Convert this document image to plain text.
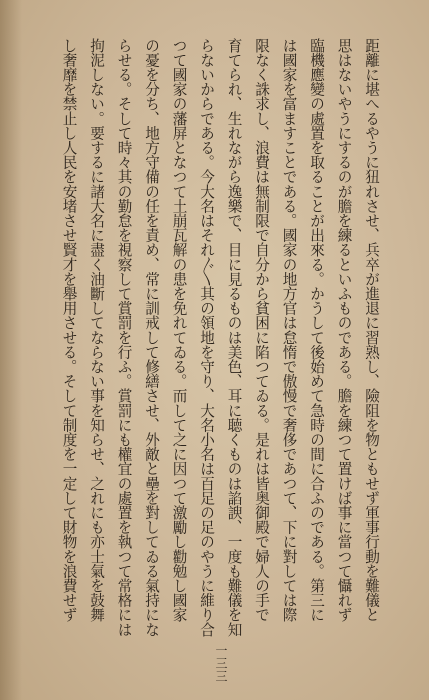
距離に堪へるやうに狃れさせ、兵卒が進退に習熟し、險阻を物ともせず軍事行動を難儀と
思はないやうにするのが膽を練るといふものである。膽を練つて置けば事に當つて懾れず
臨機應變の處置を取ることが出來る。かうして後始めて急時の間に合ふのである。第三に
は國家を富ますことである。國家の地方官は怠惰で傲慢で奢侈であつて、下に對しては際
限なく誅求し、浪費は無制限で自分から貧困に陷つてゐる。是れは皆奥御殿で婦人の手で
育てられ、生れながら逸樂で、目に見るものは美色、耳に聴くものは諂諛、一度も難儀を知
らないからである。今大名はそれ〲其の領地を守り、大名小名は百足の足のやうに維り合
つて國家の藩屏となつて土崩瓦解の患を免れてゐる。而して之に因つて激勵し勸勉し國家
の憂を分ち、地方守備の任を責め、常に訓戒して修繕させ、外敵と壘を對してゐる氣持にな
らせる。そして時々其の勤怠を視察して賞罰を行ふ。賞罰にも權宜の處置を執つて常格には
拘泥しない。要するに諸大名に盡く油斷してならない事を知らせ、之れにも亦士氣を鼓舞
し奢靡を禁止し人民を安堵させ賢才を舉用させる。そして制度を一定して財物を浪費せず
一三三
